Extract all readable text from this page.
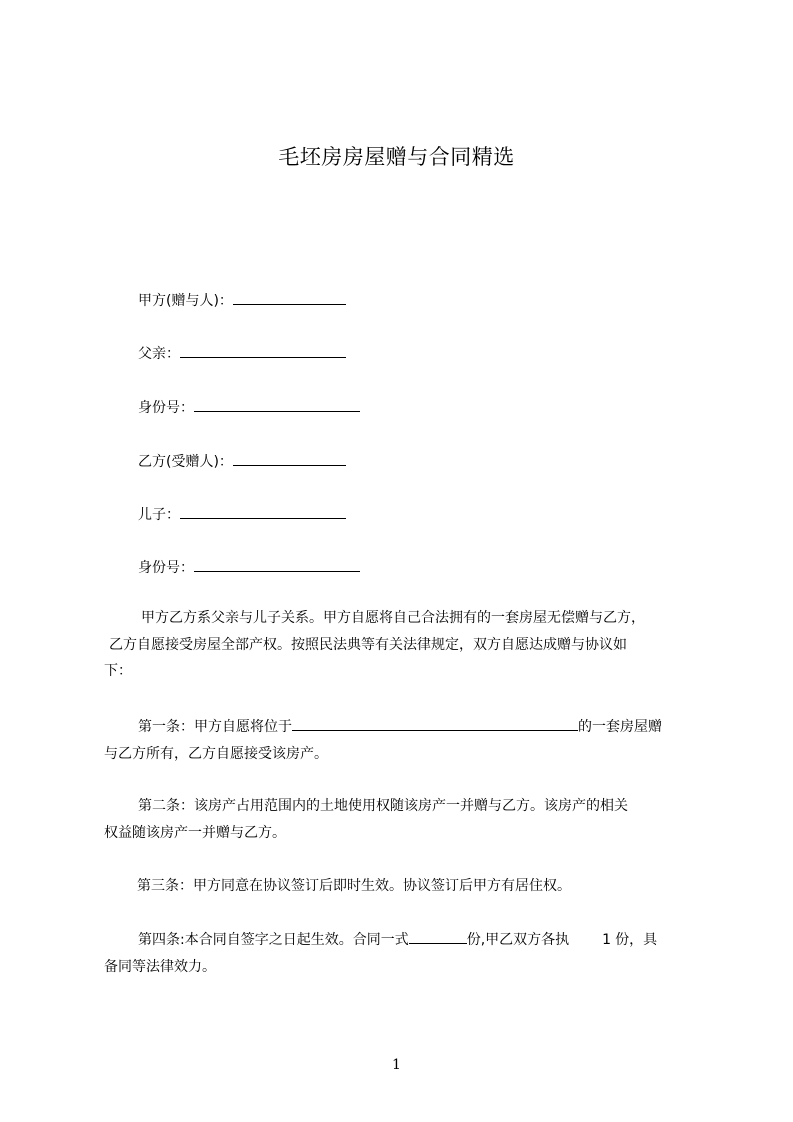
毛坯房房屋赠与合同精选
甲方(赠与人)：
父亲：
身份号：
乙方(受赠人)：
儿子：
身份号：
甲方乙方系父亲与儿子关系。甲方自愿将自己合法拥有的一套房屋无偿赠与乙方，
乙方自愿接受房屋全部产权。按照民法典等有关法律规定，双方自愿达成赠与协议如
下：
第一条：甲方自愿将位于	的一套房屋赠
与乙方所有，乙方自愿接受该房产。
第二条：该房产占用范围内的土地使用权随该房产一并赠与乙方。该房产的相关
权益随该房产一并赠与乙方。
第三条：甲方同意在协议签订后即时生效。协议签订后甲方有居住权。
第四条:本合同自签字之日起生效。合同一式	份,甲乙双方各执 1 份，具
备同等法律效力。
1
